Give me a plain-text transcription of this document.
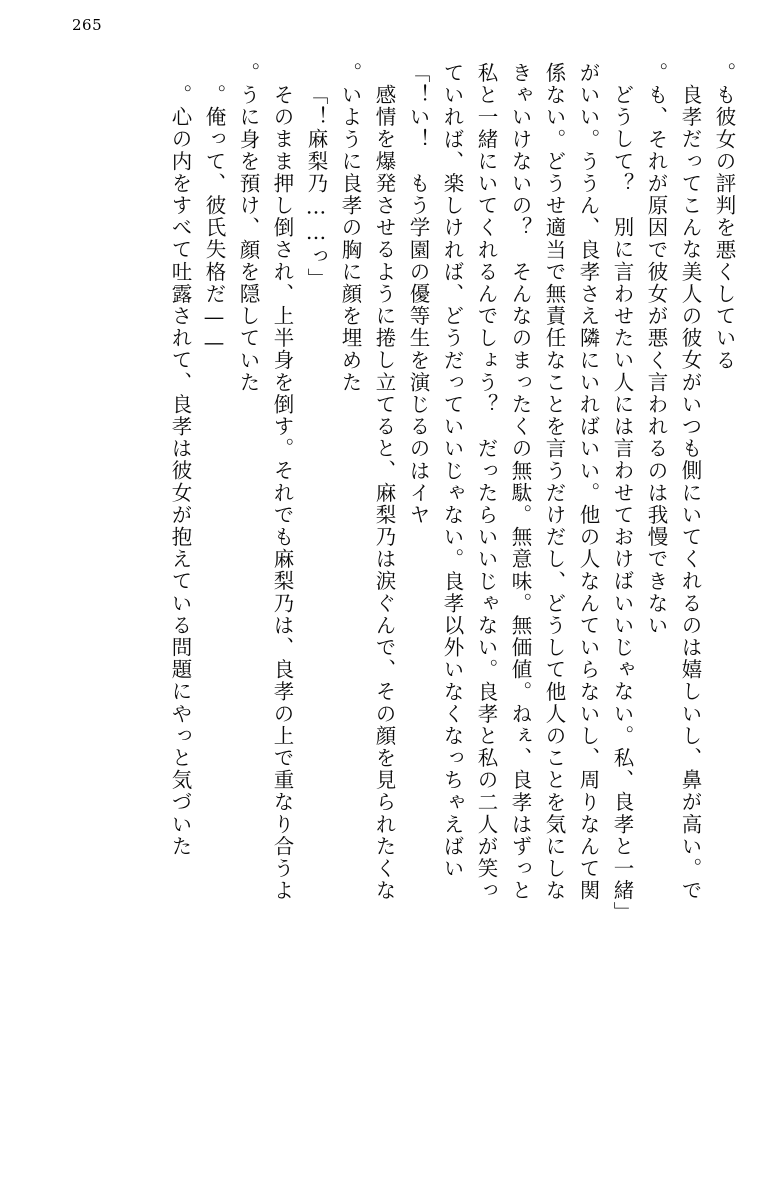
265
も彼女の評判を悪くしている。
良孝だってこんな美人の彼女がいつも側にいてくれるのは嬉しいし、鼻が高い。で
も、それが原因で彼女が悪く言われるのは我慢できない。
「どうして？　別に言わせたい人には言わせておけばいいじゃない。私、良孝と一緒
がいい。ううん、良孝さえ隣にいればいい。他の人なんていらないし、周りなんて関
係ない。どうせ適当で無責任なことを言うだけだし、どうして他人のことを気にしな
きゃいけないの？　そんなのまったくの無駄。無意味。無価値。ねぇ、良孝はずっと
私と一緒にいてくれるんでしょう？　だったらいいじゃない。良孝と私の二人が笑っ
ていれば、楽しければ、どうだっていいじゃない。良孝以外いなくなっちゃえばい
い！　もう学園の優等生を演じるのはイヤ！」
感情を爆発させるように捲し立てると、麻梨乃は涙ぐんで、その顔を見られたくな
いように良孝の胸に顔を埋めた。
「麻梨乃……っ！」
そのまま押し倒され、上半身を倒す。それでも麻梨乃は、良孝の上で重なり合うよ
うに身を預け、顔を隠していた。
——俺って、彼氏失格だ。
心の内をすべて吐露されて、良孝は彼女が抱えている問題にやっと気づいた。
